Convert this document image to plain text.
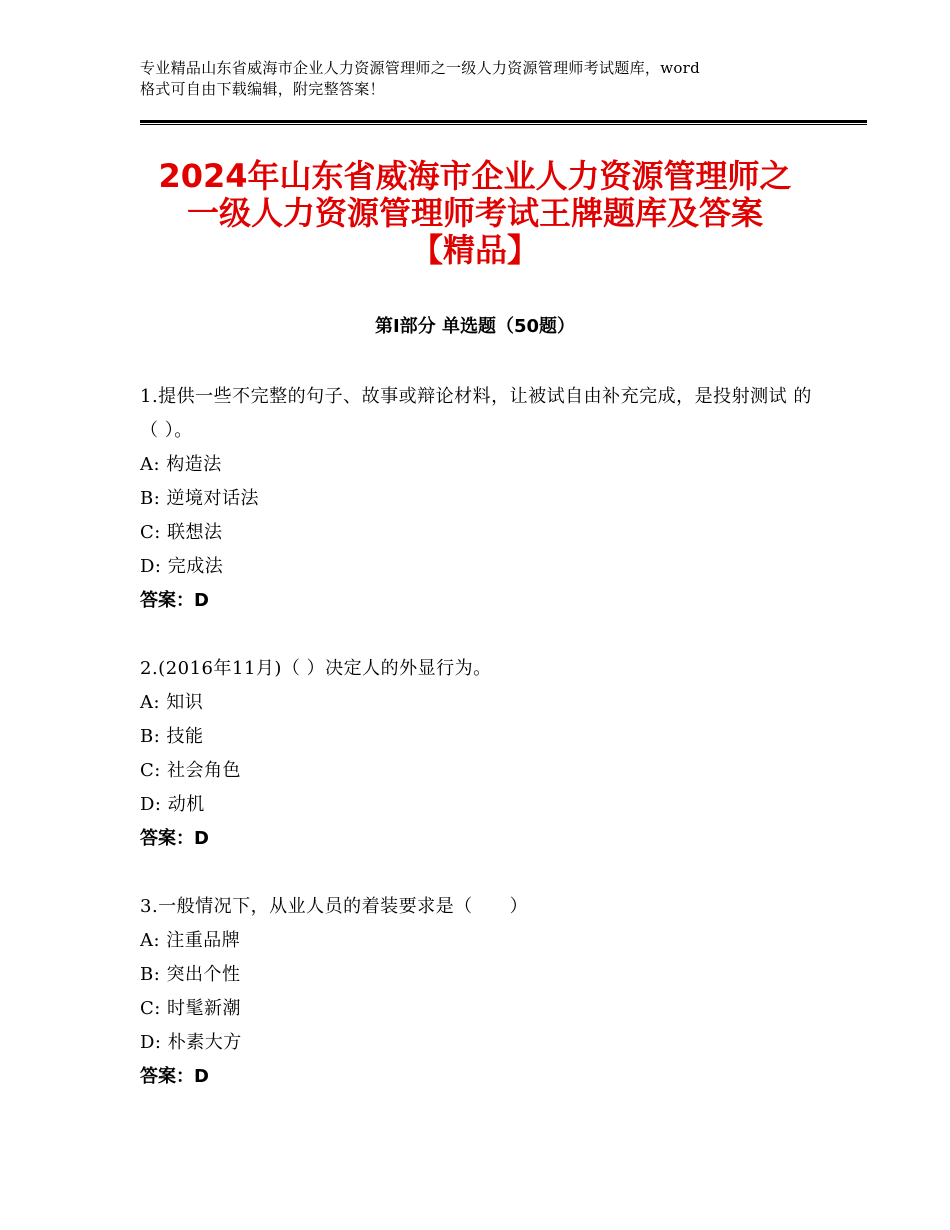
专业精品山东省威海市企业人力资源管理师之一级人力资源管理师考试题库，word
格式可自由下载编辑，附完整答案！
2024年山东省威海市企业人力资源管理师之
一级人力资源管理师考试王牌题库及答案
【精品】
第Ⅰ部分 单选题（50题）
1.提供一些不完整的句子、故事或辩论材料，让被试自由补充完成，是投射测试 的（ ）。
A: 构造法
B: 逆境对话法
C: 联想法
D: 完成法
答案：D
2.(2016年11月)（ ）决定人的外显行为。
A: 知识
B: 技能
C: 社会角色
D: 动机
答案：D
3.一般情况下，从业人员的着装要求是（　　）
A: 注重品牌
B: 突出个性
C: 时髦新潮
D: 朴素大方
答案：D
